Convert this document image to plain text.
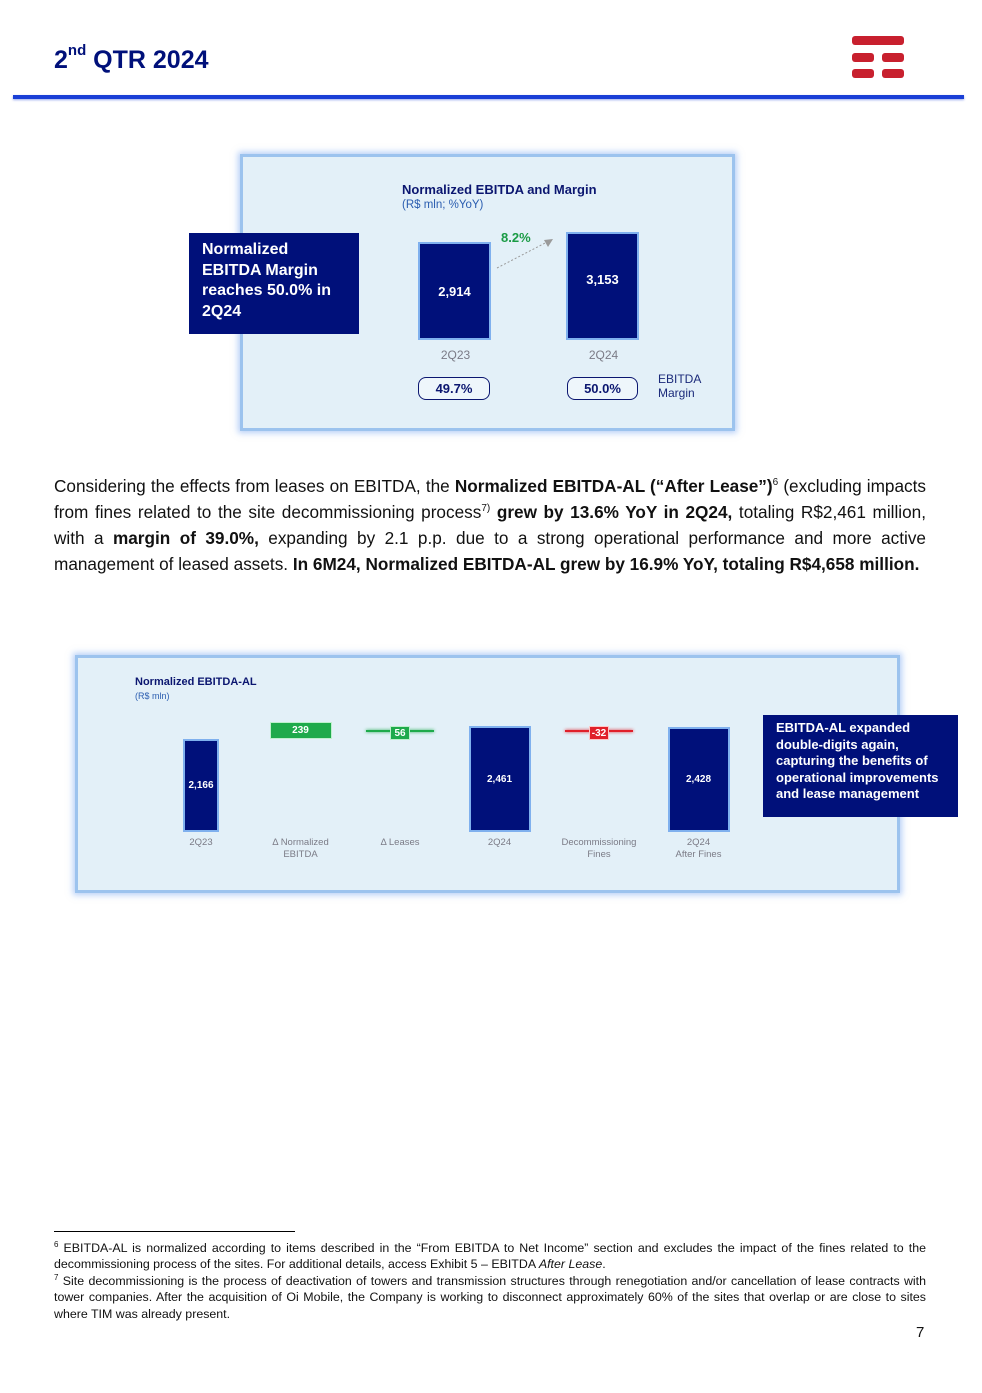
2nd QTR 2024
Normalized EBITDA and Margin
(R$ mln; %YoY)
8.2%
2,914
3,153
2Q23	2Q24
49.7%	50.0%
EBITDA
Margin
Normalized EBITDA Margin reaches 50.0% in 2Q24
Considering the effects from leases on EBITDA, the Normalized EBITDA-AL (“After Lease”)$^6$ (excluding impacts from fines related to the site decommissioning process$^{7)}$ grew by 13.6% YoY in 2Q24, totaling R$2,461 million, with a margin of 39.0%, expanding by 2.1 p.p. due to a strong operational performance and more active management of leased assets. In 6M24, Normalized EBITDA-AL grew by 16.9% YoY, totaling R$4,658 million.
Normalized EBITDA-AL
(R$ mln)
2,166
2Q23
239
Δ Normalized
EBITDA
56
Δ Leases
2,461
2Q24
-32
Decommissioning
Fines
2,428
2Q24
After Fines
EBITDA-AL expanded double-digits again, capturing the benefits of operational improvements and lease management
$^6$ EBITDA-AL is normalized according to items described in the “From EBITDA to Net Income” section and excludes the impact of the fines related to the decommissioning process of the sites. For additional details, access Exhibit 5 – EBITDA After Lease.
$^7$ Site decommissioning is the process of deactivation of towers and transmission structures through renegotiation and/or cancellation of lease contracts with tower companies. After the acquisition of Oi Mobile, the Company is working to disconnect approximately 60% of the sites that overlap or are close to sites where TIM was already present.
7
